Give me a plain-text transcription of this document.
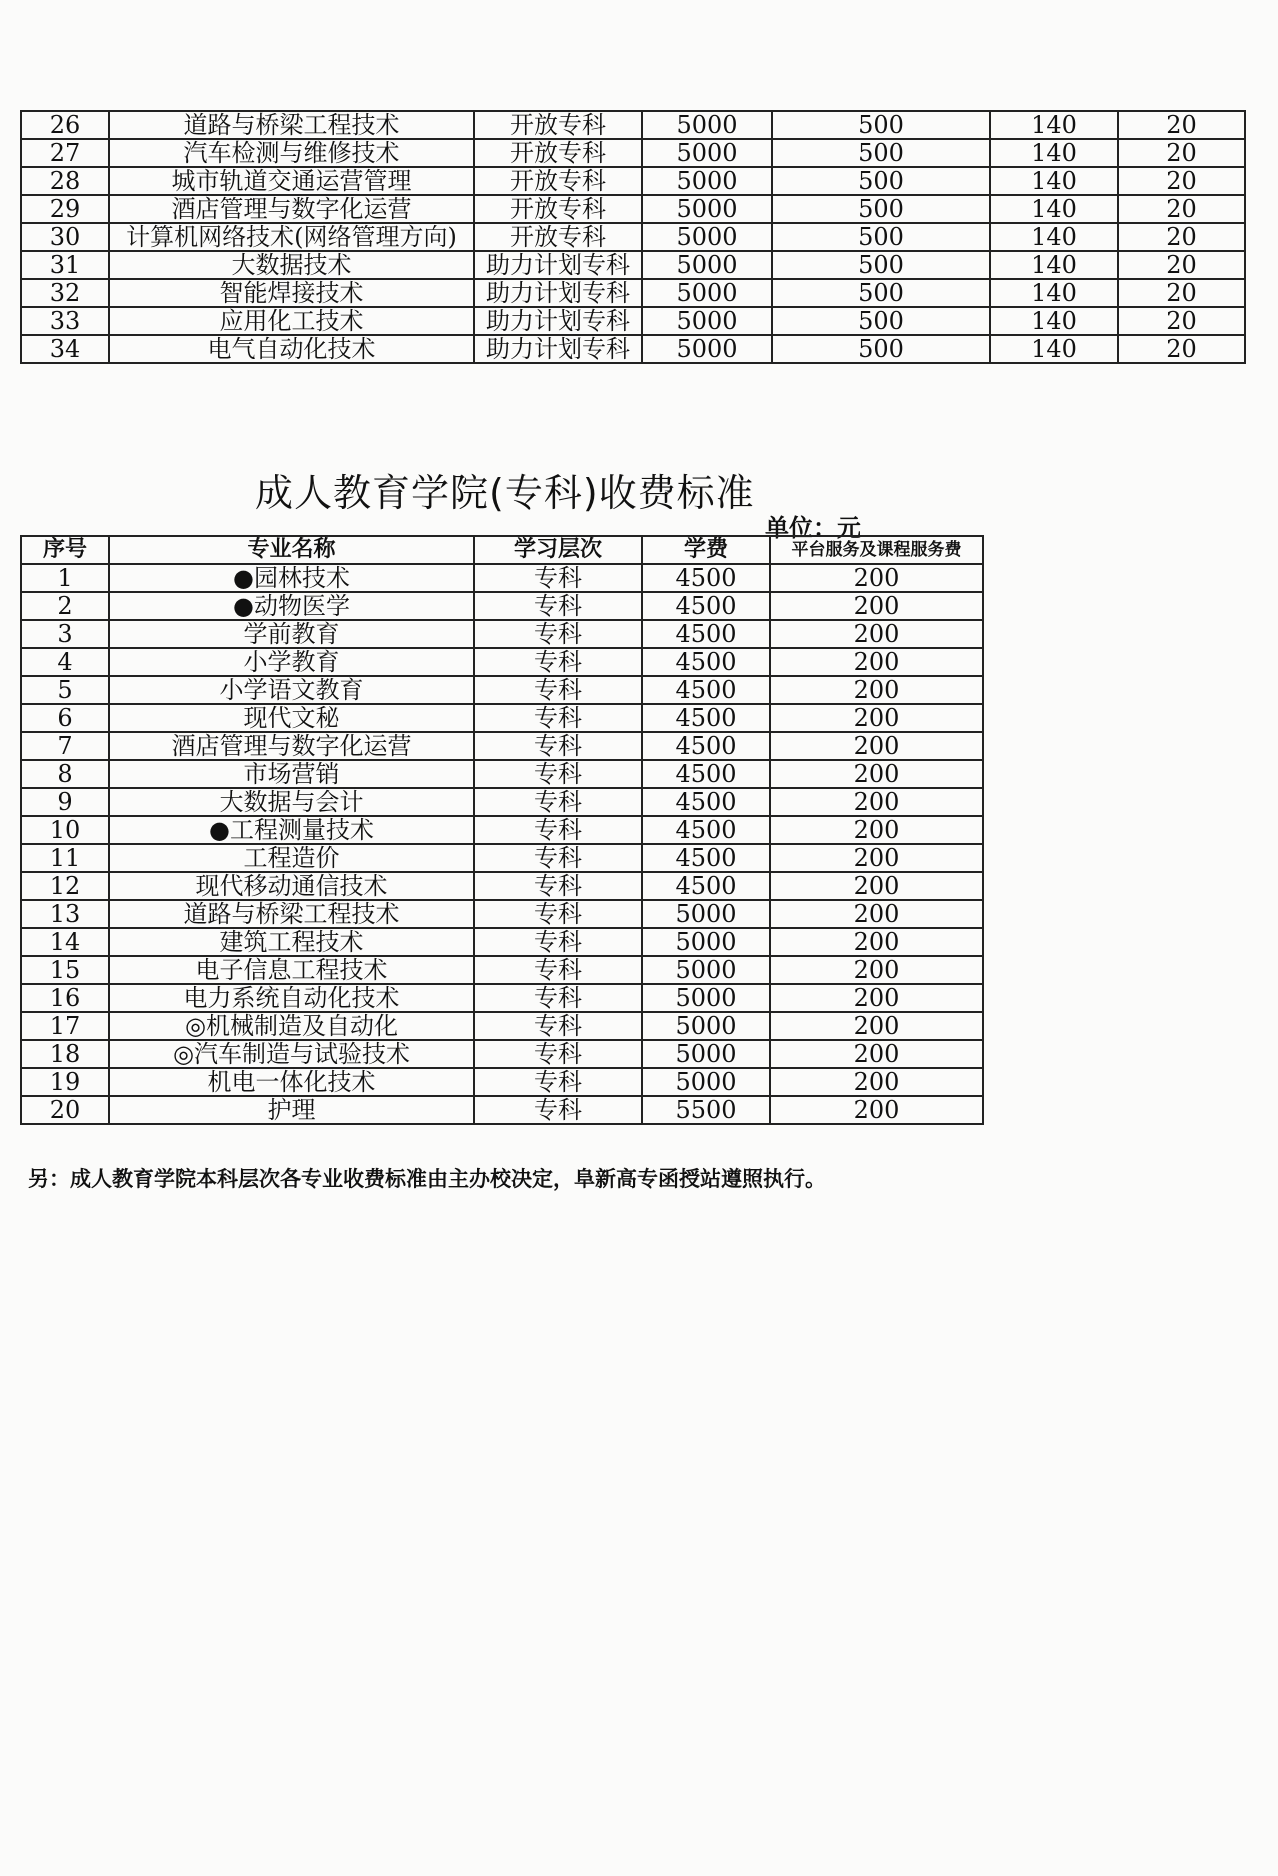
26	道路与桥梁工程技术	开放专科	5000	500	140	20
27	汽车检测与维修技术	开放专科	5000	500	140	20
28	城市轨道交通运营管理	开放专科	5000	500	140	20
29	酒店管理与数字化运营	开放专科	5000	500	140	20
30	计算机网络技术(网络管理方向)	开放专科	5000	500	140	20
31	大数据技术	助力计划专科	5000	500	140	20
32	智能焊接技术	助力计划专科	5000	500	140	20
33	应用化工技术	助力计划专科	5000	500	140	20
34	电气自动化技术	助力计划专科	5000	500	140	20
成人教育学院(专科)收费标准
单位：元
序号	专业名称	学习层次	学费	平台服务及课程服务费
1	●园林技术	专科	4500	200
2	●动物医学	专科	4500	200
3	学前教育	专科	4500	200
4	小学教育	专科	4500	200
5	小学语文教育	专科	4500	200
6	现代文秘	专科	4500	200
7	酒店管理与数字化运营	专科	4500	200
8	市场营销	专科	4500	200
9	大数据与会计	专科	4500	200
10	●工程测量技术	专科	4500	200
11	工程造价	专科	4500	200
12	现代移动通信技术	专科	4500	200
13	道路与桥梁工程技术	专科	5000	200
14	建筑工程技术	专科	5000	200
15	电子信息工程技术	专科	5000	200
16	电力系统自动化技术	专科	5000	200
17	◎机械制造及自动化	专科	5000	200
18	◎汽车制造与试验技术	专科	5000	200
19	机电一体化技术	专科	5000	200
20	护理	专科	5500	200
另：成人教育学院本科层次各专业收费标准由主办校决定，阜新高专函授站遵照执行。
